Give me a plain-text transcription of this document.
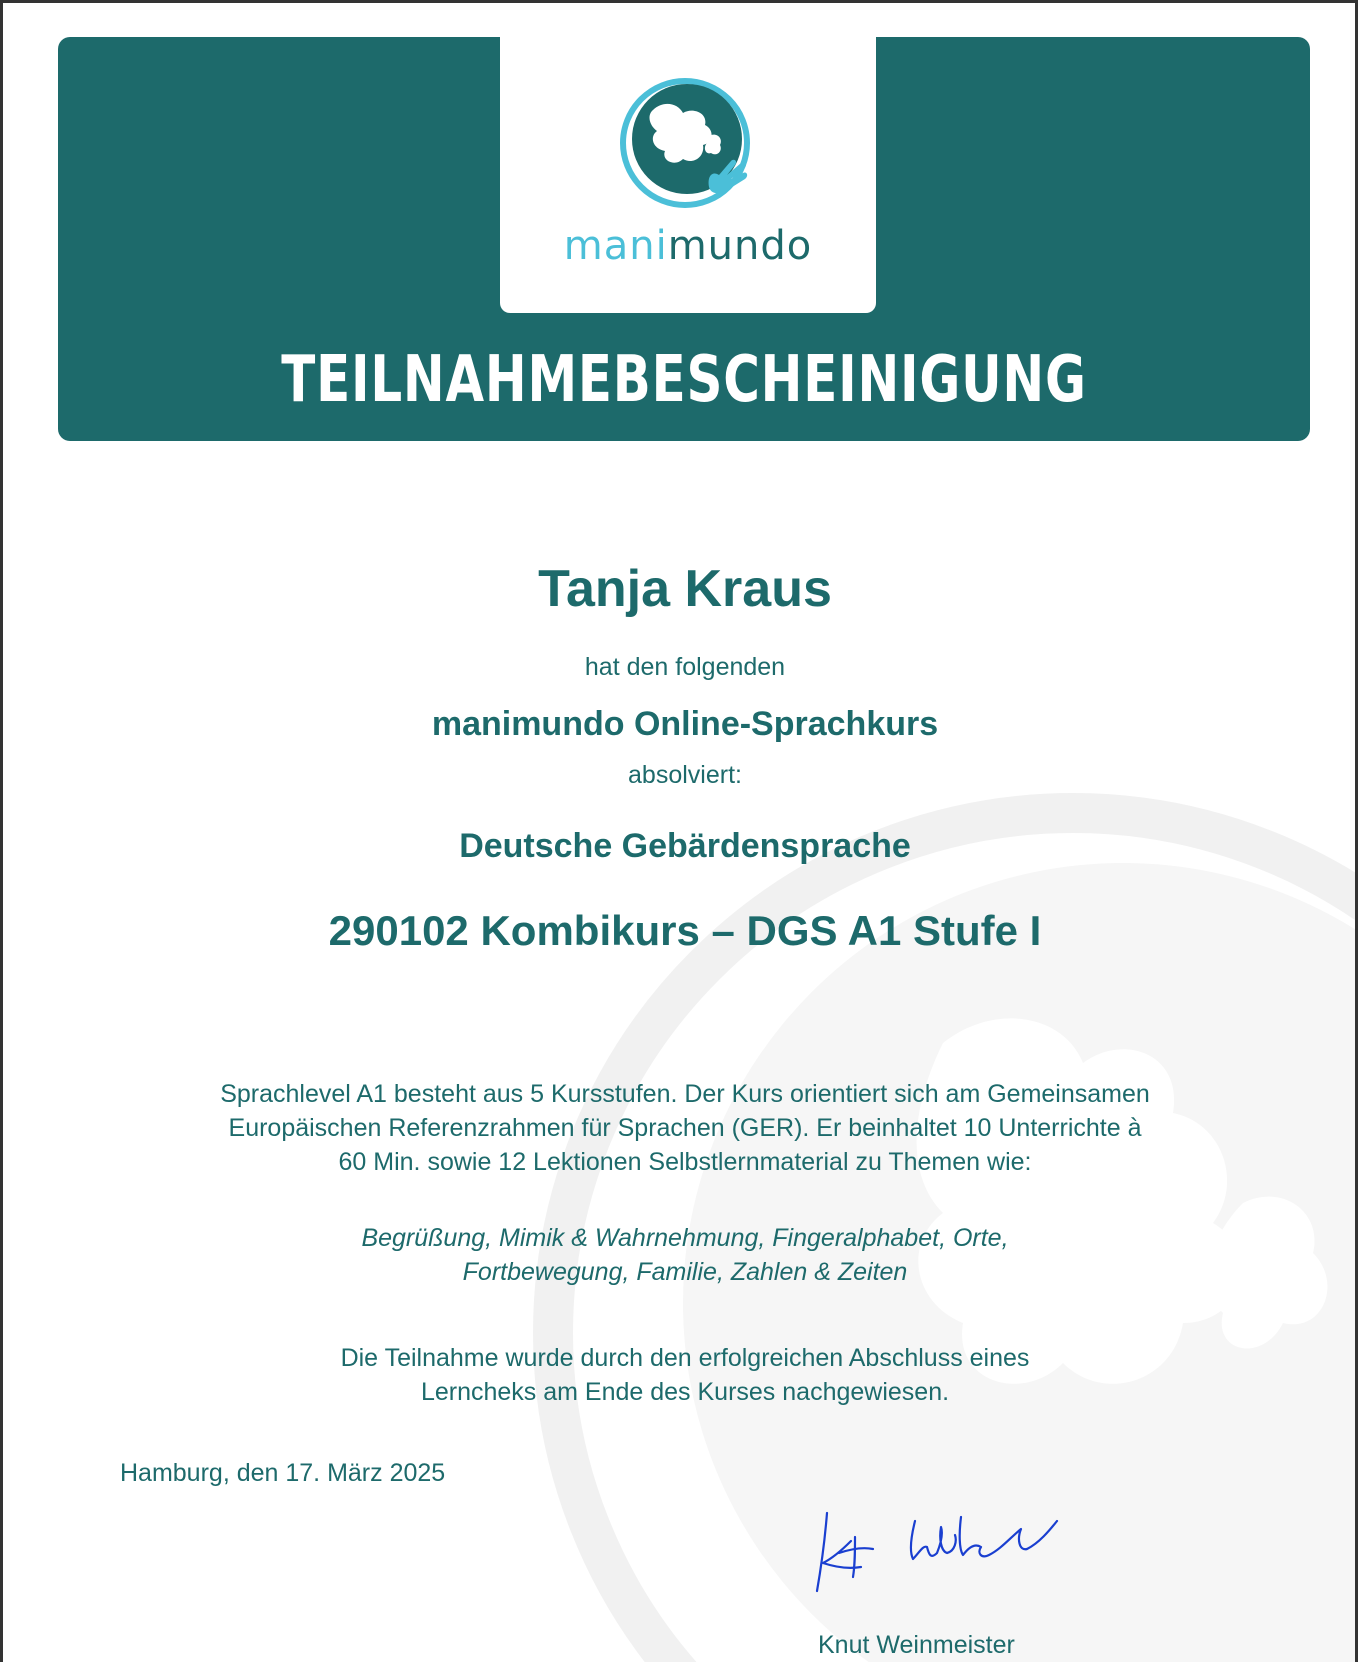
manimundo
TEILNAHMEBESCHEINIGUNG
Tanja Kraus
hat den folgenden
manimundo Online-Sprachkurs
absolviert:
Deutsche Gebärdensprache
290102 Kombikurs – DGS A1 Stufe I
Sprachlevel A1 besteht aus 5 Kursstufen. Der Kurs orientiert sich am Gemeinsamen
Europäischen Referenzrahmen für Sprachen (GER). Er beinhaltet 10 Unterrichte à
60 Min. sowie 12 Lektionen Selbstlernmaterial zu Themen wie:
Begrüßung, Mimik & Wahrnehmung, Fingeralphabet, Orte,
Fortbewegung, Familie, Zahlen & Zeiten
Die Teilnahme wurde durch den erfolgreichen Abschluss eines
Lerncheks am Ende des Kurses nachgewiesen.
Hamburg, den 17. März 2025
Knut Weinmeister
